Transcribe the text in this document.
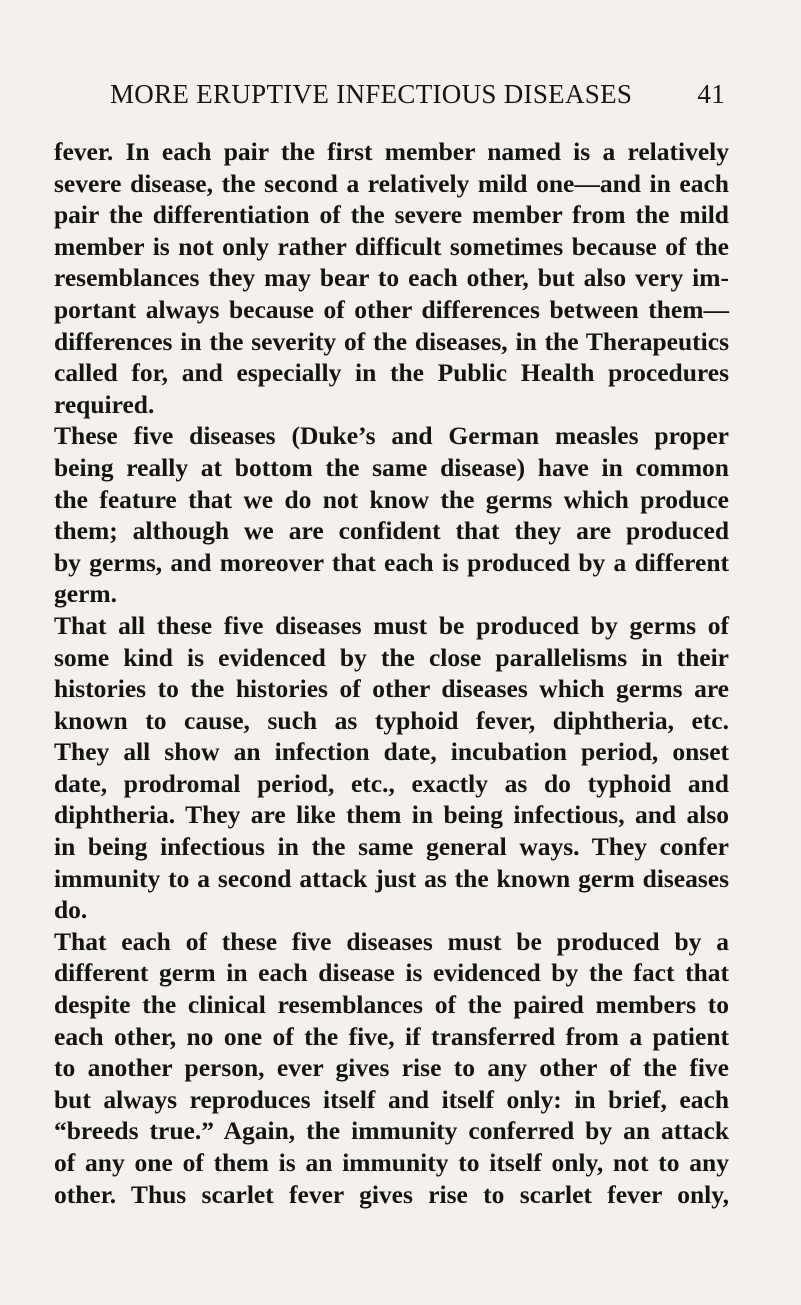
MORE ERUPTIVE INFECTIOUS DISEASES 41
fever. In each pair the first member named is a relatively
severe disease, the second a relatively mild one—and in each
pair the differentiation of the severe member from the mild
member is not only rather difficult sometimes because of the
resemblances they may bear to each other, but also very im-
portant always because of other differences between them—
differences in the severity of the diseases, in the Therapeutics
called for, and especially in the Public Health procedures
required.
These five diseases (Duke’s and German measles proper
being really at bottom the same disease) have in common
the feature that we do not know the germs which produce
them; although we are confident that they are produced
by germs, and moreover that each is produced by a different
germ.
That all these five diseases must be produced by germs of
some kind is evidenced by the close parallelisms in their
histories to the histories of other diseases which germs are
known to cause, such as typhoid fever, diphtheria, etc.
They all show an infection date, incubation period, onset
date, prodromal period, etc., exactly as do typhoid and
diphtheria. They are like them in being infectious, and also
in being infectious in the same general ways. They confer
immunity to a second attack just as the known germ diseases
do.
That each of these five diseases must be produced by a
different germ in each disease is evidenced by the fact that
despite the clinical resemblances of the paired members to
each other, no one of the five, if transferred from a patient
to another person, ever gives rise to any other of the five
but always reproduces itself and itself only: in brief, each
“breeds true.” Again, the immunity conferred by an attack
of any one of them is an immunity to itself only, not to any
other. Thus scarlet fever gives rise to scarlet fever only,
